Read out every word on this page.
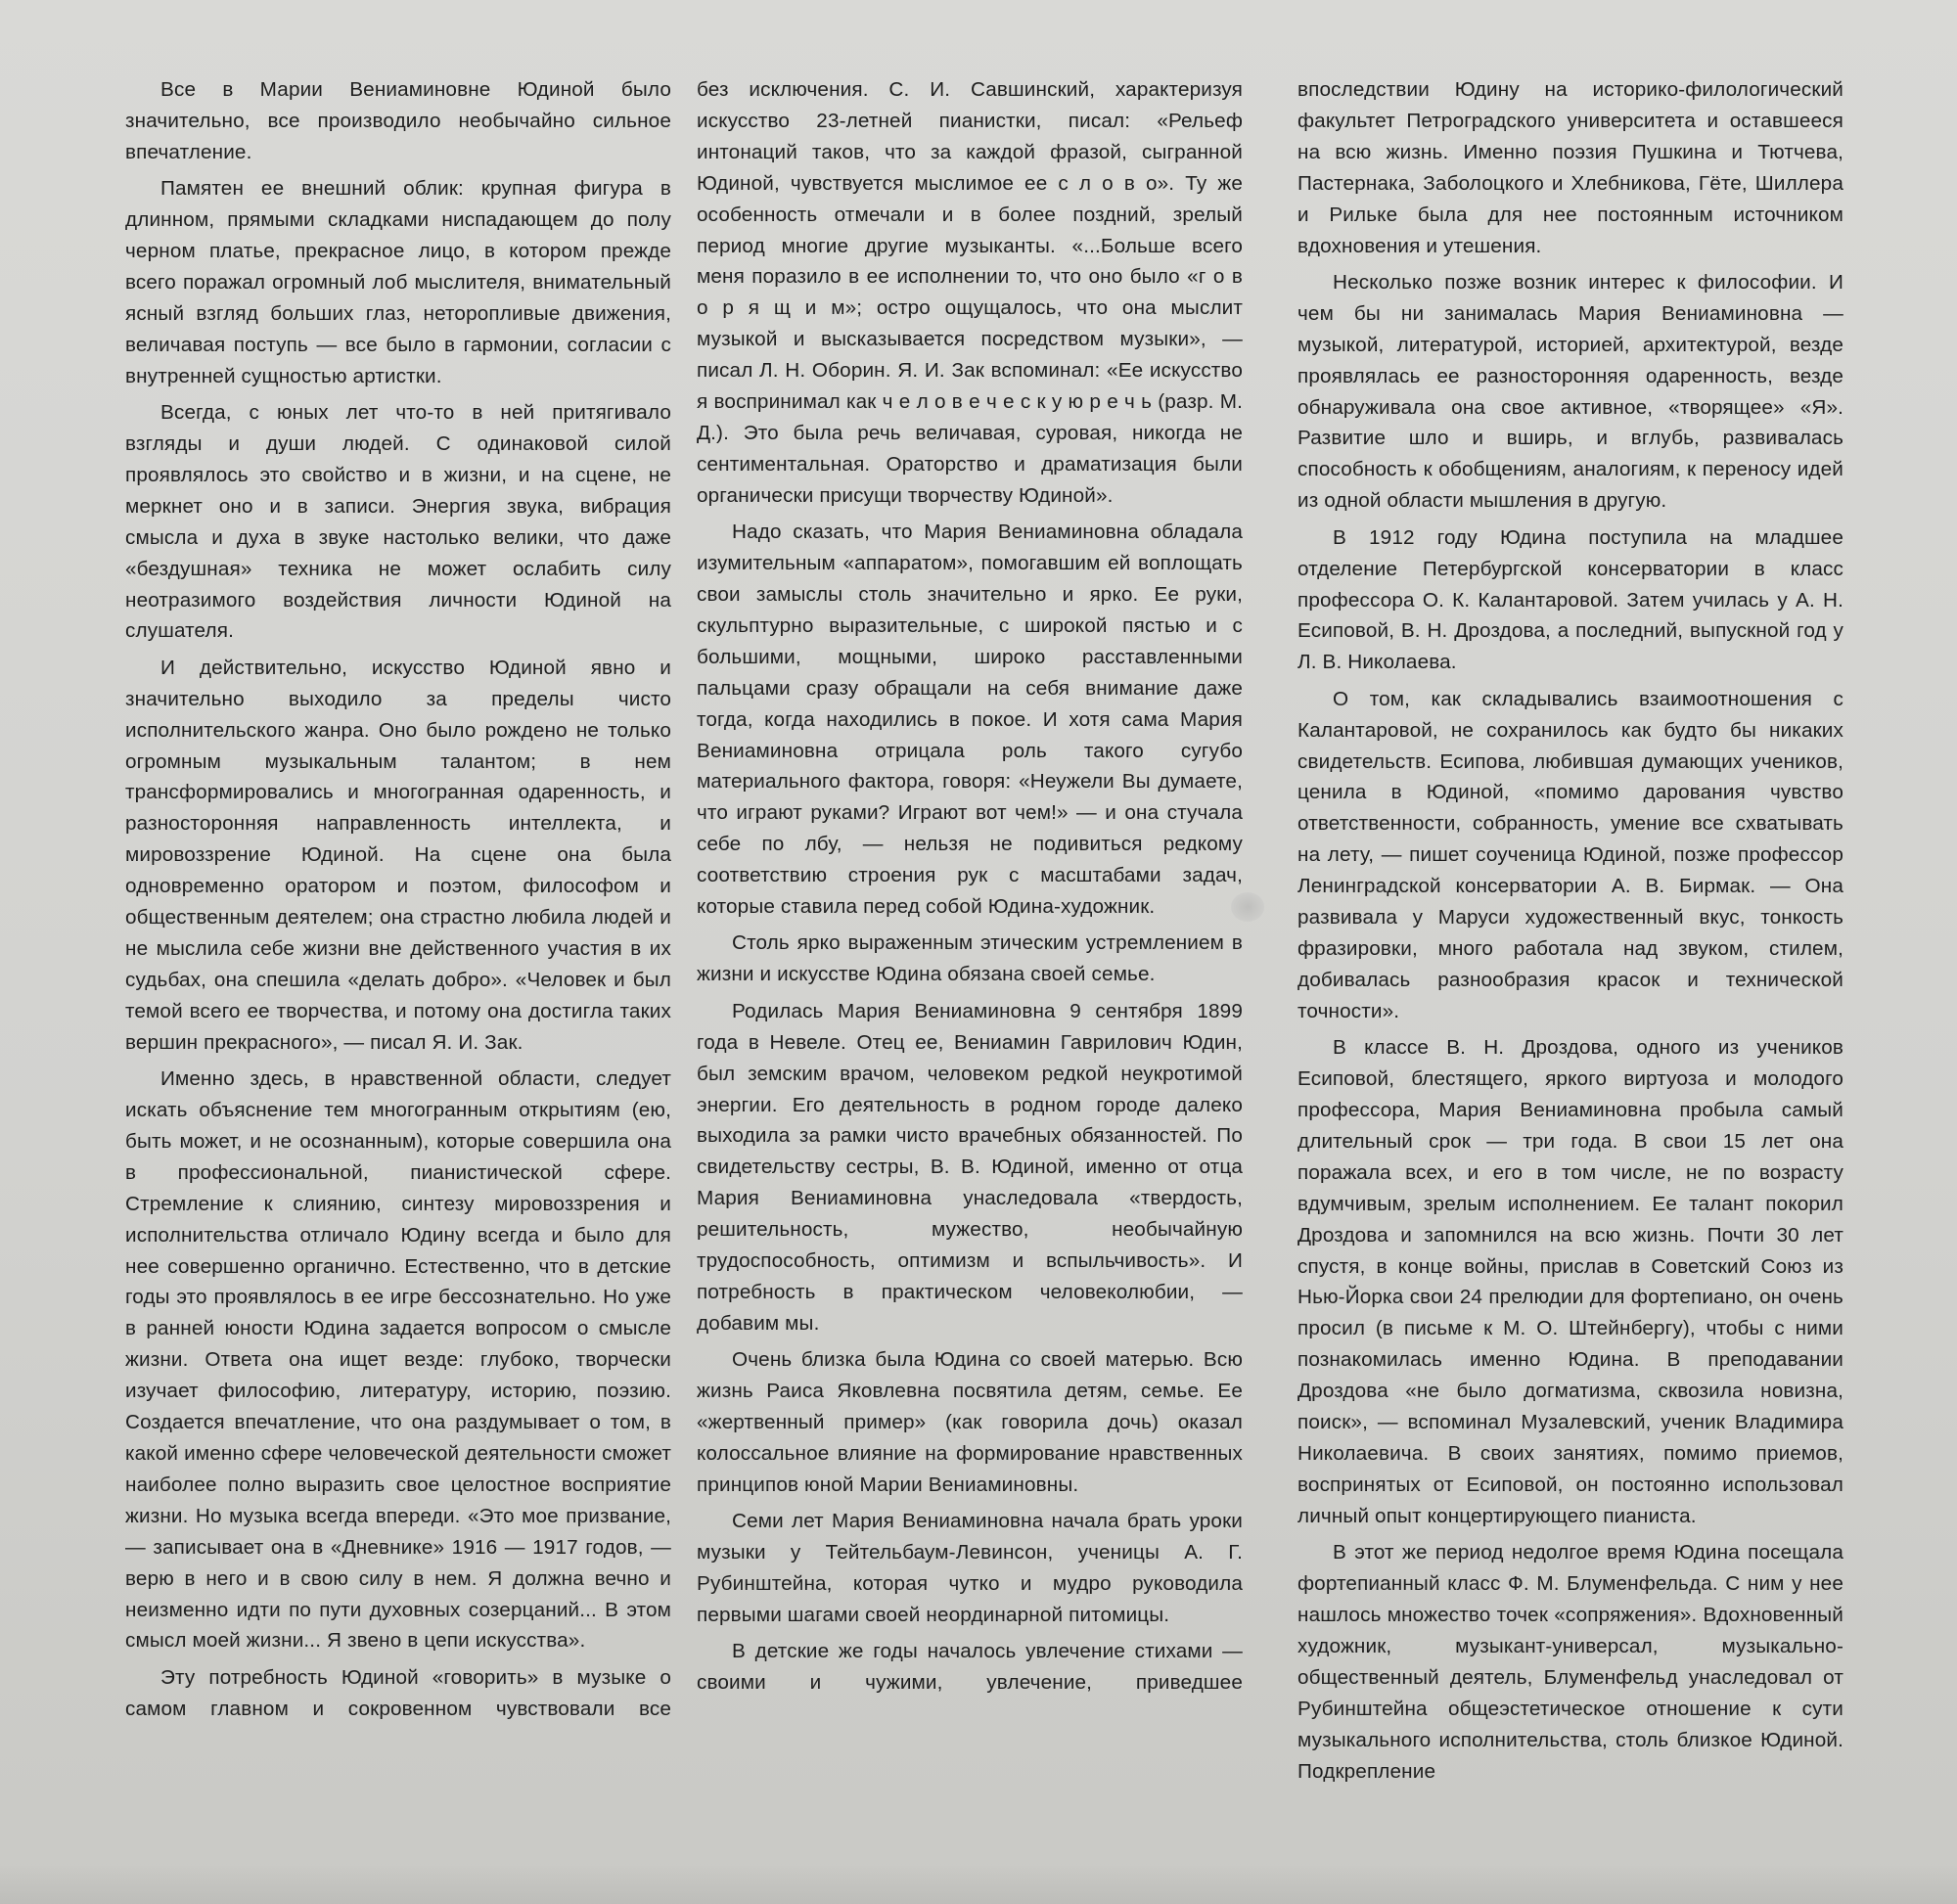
Все в Марии Вениаминовне Юдиной было значительно, все производило необычайно сильное впечатление.

Памятен ее внешний облик: крупная фигура в длинном, прямыми складками ниспадающем до полу черном платье, прекрасное лицо, в котором прежде всего поражал огромный лоб мыслителя, внимательный ясный взгляд больших глаз, неторопливые движения, величавая поступь — все было в гармонии, согласии с внутренней сущностью артистки.

Всегда, с юных лет что-то в ней притягивало взгляды и души людей. С одинаковой силой проявлялось это свойство и в жизни, и на сцене, не меркнет оно и в записи. Энергия звука, вибрация смысла и духа в звуке настолько велики, что даже «бездушная» техника не может ослабить силу неотразимого воздействия личности Юдиной на слушателя.

И действительно, искусство Юдиной явно и значительно выходило за пределы чисто исполнительского жанра. Оно было рождено не только огромным музыкальным талантом; в нем трансформировались и многогранная одаренность, и разносторонняя направленность интеллекта, и мировоззрение Юдиной. На сцене она была одновременно оратором и поэтом, философом и общественным деятелем; она страстно любила людей и не мыслила себе жизни вне действенного участия в их судьбах, она спешила «делать добро». «Человек и был темой всего ее творчества, и потому она достигла таких вершин прекрасного», — писал Я. И. Зак.

Именно здесь, в нравственной области, следует искать объяснение тем многогранным открытиям (ею, быть может, и не осознанным), которые совершила она в профессиональной, пианистической сфере. Стремление к слиянию, синтезу мировоззрения и исполнительства отличало Юдину всегда и было для нее совершенно органично. Естественно, что в детские годы это проявлялось в ее игре бессознательно. Но уже в ранней юности Юдина задается вопросом о смысле жизни. Ответа она ищет везде: глубоко, творчески изучает философию, литературу, историю, поэзию. Создается впечатление, что она раздумывает о том, в какой именно сфере человеческой деятельности сможет наиболее полно выразить свое целостное восприятие жизни. Но музыка всегда впереди. «Это мое призвание, — записывает она в «Дневнике» 1916 — 1917 годов, — верю в него и в свою силу в нем. Я должна вечно и неизменно идти по пути духовных созерцаний... В этом смысл моей жизни... Я звено в цепи искусства».

Эту потребность Юдиной «говорить» в музыке о самом главном и сокровенном чувствовали все

без исключения. С. И. Савшинский, характеризуя искусство 23-летней пианистки, писал: «Рельеф интонаций таков, что за каждой фразой, сыгранной Юдиной, чувствуется мыслимое ее с л о в о». Ту же особенность отмечали и в более поздний, зрелый период многие другие музыканты. «...Больше всего меня поразило в ее исполнении то, что оно было «г о в о р я щ и м»; остро ощущалось, что она мыслит музыкой и высказывается посредством музыки», — писал Л. Н. Оборин. Я. И. Зак вспоминал: «Ее искусство я воспринимал как ч е л о в е ч е с к у ю р е ч ь (разр. М. Д.). Это была речь величавая, суровая, никогда не сентиментальная. Ораторство и драматизация были органически присущи творчеству Юдиной».

Надо сказать, что Мария Вениаминовна обладала изумительным «аппаратом», помогавшим ей воплощать свои замыслы столь значительно и ярко. Ее руки, скульптурно выразительные, с широкой пястью и с большими, мощными, широко расставленными пальцами сразу обращали на себя внимание даже тогда, когда находились в покое. И хотя сама Мария Вениаминовна отрицала роль такого сугубо материального фактора, говоря: «Неужели Вы думаете, что играют руками? Играют вот чем!» — и она стучала себе по лбу, — нельзя не подивиться редкому соответствию строения рук с масштабами задач, которые ставила перед собой Юдина-художник.

Столь ярко выраженным этическим устремлением в жизни и искусстве Юдина обязана своей семье.

Родилась Мария Вениаминовна 9 сентября 1899 года в Невеле. Отец ее, Вениамин Гаврилович Юдин, был земским врачом, человеком редкой неукротимой энергии. Его деятельность в родном городе далеко выходила за рамки чисто врачебных обязанностей. По свидетельству сестры, В. В. Юдиной, именно от отца Мария Вениаминовна унаследовала «твердость, решительность, мужество, необычайную трудоспособность, оптимизм и вспыльчивость». И потребность в практическом человеколюбии, — добавим мы.

Очень близка была Юдина со своей матерью. Всю жизнь Раиса Яковлевна посвятила детям, семье. Ее «жертвенный пример» (как говорила дочь) оказал колоссальное влияние на формирование нравственных принципов юной Марии Вениаминовны.

Семи лет Мария Вениаминовна начала брать уроки музыки у Тейтельбаум-Левинсон, ученицы А. Г. Рубинштейна, которая чутко и мудро руководила первыми шагами своей неординарной питомицы.

В детские же годы началось увлечение стихами — своими и чужими, увлечение, приведшее

впоследствии Юдину на историко-филологический факультет Петроградского университета и оставшееся на всю жизнь. Именно поэзия Пушкина и Тютчева, Пастернака, Заболоцкого и Хлебникова, Гёте, Шиллера и Рильке была для нее постоянным источником вдохновения и утешения.

Несколько позже возник интерес к философии. И чем бы ни занималась Мария Вениаминовна — музыкой, литературой, историей, архитектурой, везде проявлялась ее разносторонняя одаренность, везде обнаруживала она свое активное, «творящее» «Я». Развитие шло и вширь, и вглубь, развивалась способность к обобщениям, аналогиям, к переносу идей из одной области мышления в другую.

В 1912 году Юдина поступила на младшее отделение Петербургской консерватории в класс профессора О. К. Калантаровой. Затем училась у А. Н. Есиповой, В. Н. Дроздова, а последний, выпускной год у Л. В. Николаева.

О том, как складывались взаимоотношения с Калантаровой, не сохранилось как будто бы никаких свидетельств. Есипова, любившая думающих учеников, ценила в Юдиной, «помимо дарования чувство ответственности, собранность, умение все схватывать на лету, — пишет соученица Юдиной, позже профессор Ленинградской консерватории А. В. Бирмак. — Она развивала у Маруси художественный вкус, тонкость фразировки, много работала над звуком, стилем, добивалась разнообразия красок и технической точности».

В классе В. Н. Дроздова, одного из учеников Есиповой, блестящего, яркого виртуоза и молодого профессора, Мария Вениаминовна пробыла самый длительный срок — три года. В свои 15 лет она поражала всех, и его в том числе, не по возрасту вдумчивым, зрелым исполнением. Ее талант покорил Дроздова и запомнился на всю жизнь. Почти 30 лет спустя, в конце войны, прислав в Советский Союз из Нью-Йорка свои 24 прелюдии для фортепиано, он очень просил (в письме к М. О. Штейнбергу), чтобы с ними познакомилась именно Юдина. В преподавании Дроздова «не было догматизма, сквозила новизна, поиск», — вспоминал Музалевский, ученик Владимира Николаевича. В своих занятиях, помимо приемов, воспринятых от Есиповой, он постоянно использовал личный опыт концертирующего пианиста.

В этот же период недолгое время Юдина посещала фортепианный класс Ф. М. Блуменфельда. С ним у нее нашлось множество точек «сопряжения». Вдохновенный художник, музыкант-универсал, музыкально-общественный деятель, Блуменфельд унаследовал от Рубинштейна общеэстетическое отношение к сути музыкального исполнительства, столь близкое Юдиной. Подкрепление
